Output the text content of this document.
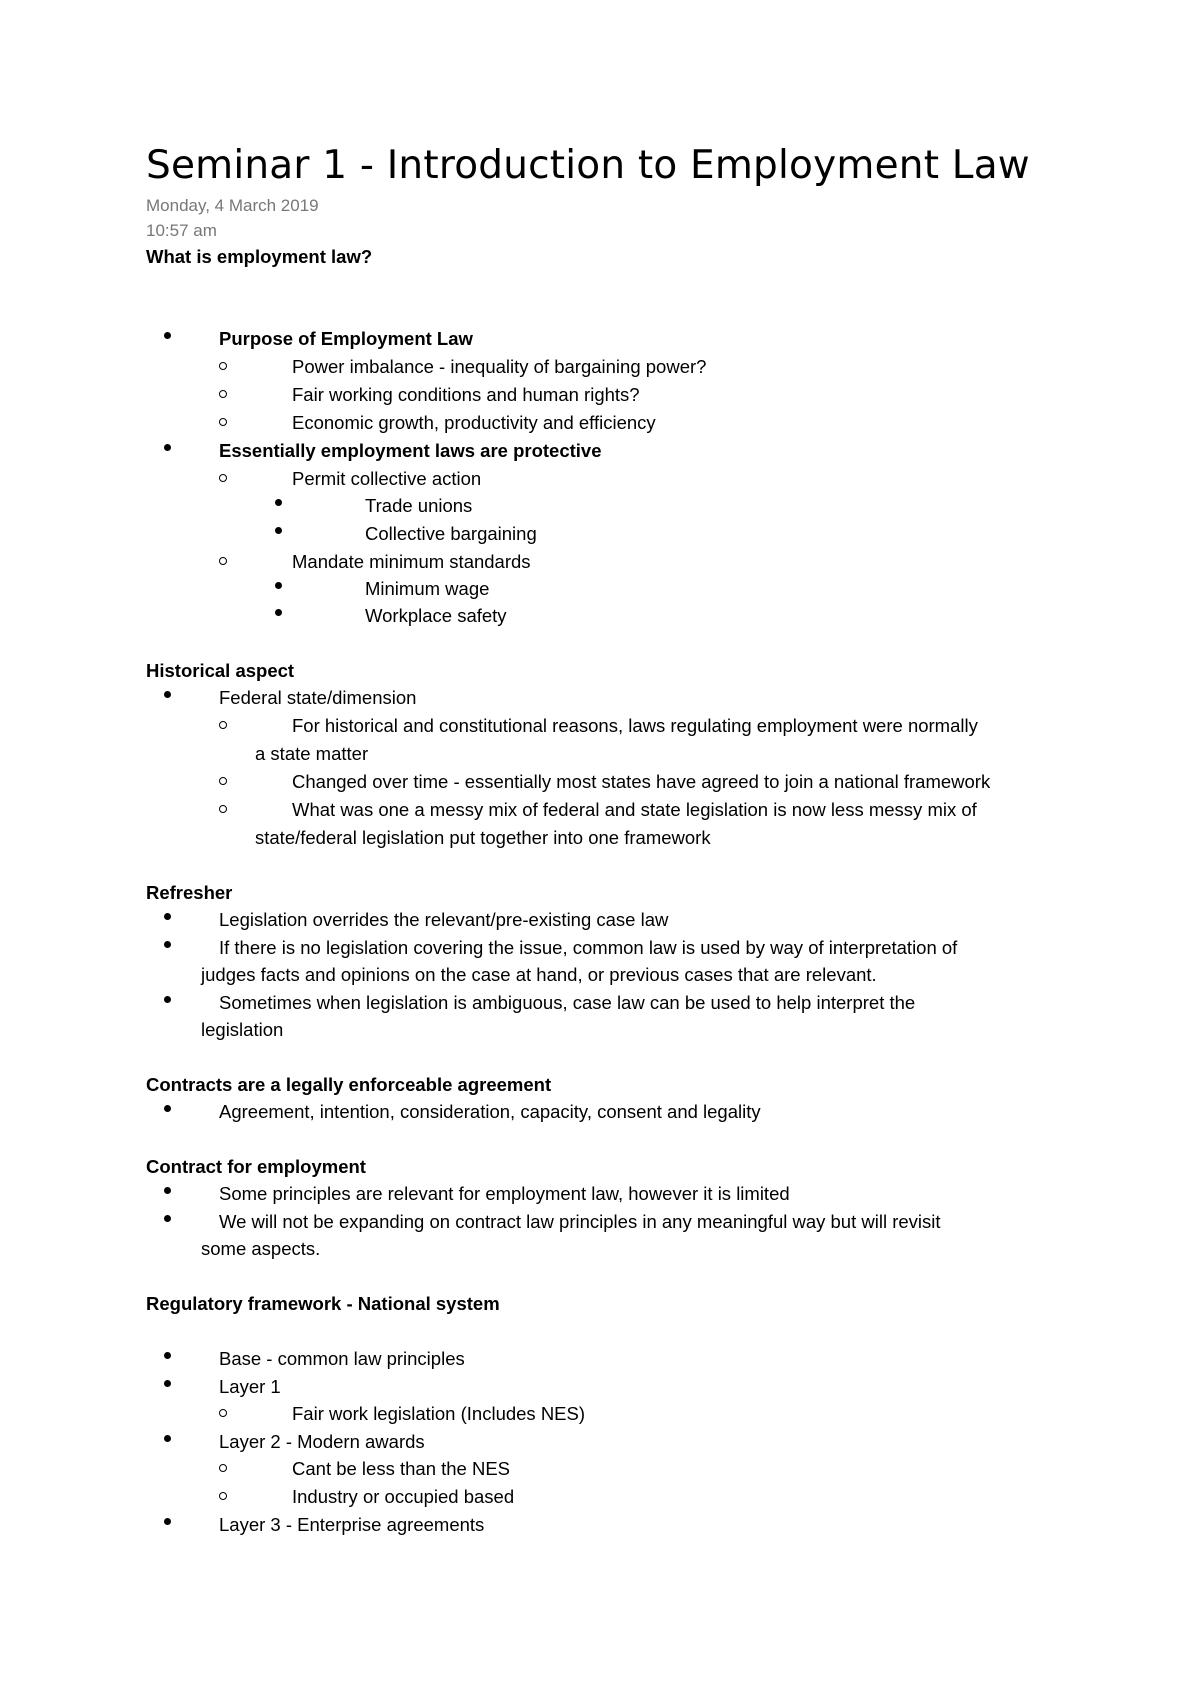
Seminar 1 - Introduction to Employment Law
Monday, 4 March 2019
10:57 am
What is employment law?
Purpose of Employment Law
Power imbalance - inequality of bargaining power?
Fair working conditions and human rights?
Economic growth, productivity and efficiency
Essentially employment laws are protective
Permit collective action
Trade unions
Collective bargaining
Mandate minimum standards
Minimum wage
Workplace safety
Historical aspect
Federal state/dimension
For historical and constitutional reasons, laws regulating employment were normally
a state matter
Changed over time - essentially most states have agreed to join a national framework
What was one a messy mix of federal and state legislation is now less messy mix of
state/federal legislation put together into one framework
Refresher
Legislation overrides the relevant/pre-existing case law
If there is no legislation covering the issue, common law is used by way of interpretation of
judges facts and opinions on the case at hand, or previous cases that are relevant.
Sometimes when legislation is ambiguous, case law can be used to help interpret the
legislation
Contracts are a legally enforceable agreement
Agreement, intention, consideration, capacity, consent and legality
Contract for employment
Some principles are relevant for employment law, however it is limited
We will not be expanding on contract law principles in any meaningful way but will revisit
some aspects.
Regulatory framework - National system
Base - common law principles
Layer 1
Fair work legislation (Includes NES)
Layer 2 - Modern awards
Cant be less than the NES
Industry or occupied based
Layer 3 - Enterprise agreements
